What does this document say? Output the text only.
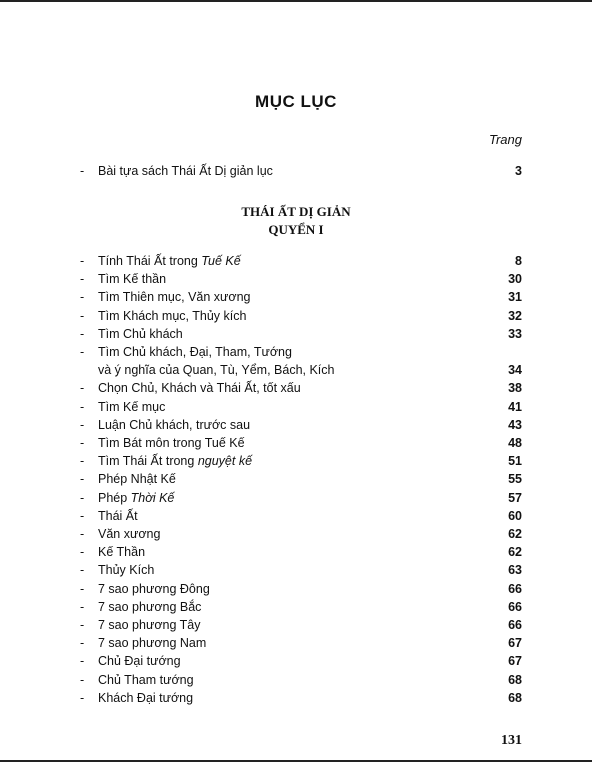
MỤC LỤC
Trang
- Bài tựa sách Thái Ất Dị giản lục	3
THÁI ẤT DỊ GIẢN
QUYỂN I
- Tính Thái Ất trong Tuế Kế	8
- Tìm Kế thần	30
- Tìm Thiên mục, Văn xương	31
- Tìm Khách mục, Thủy kích	32
- Tìm Chủ khách	33
- Tìm Chủ khách, Đại, Tham, Tướng
và ý nghĩa của Quan, Tù, Yểm, Bách, Kích	34
- Chọn Chủ, Khách và Thái Ất, tốt xấu	38
- Tìm Kế mục	41
- Luận Chủ khách, trước sau	43
- Tìm Bát môn trong Tuế Kế	48
- Tìm Thái Ất trong nguyệt kế	51
- Phép Nhật Kế	55
- Phép Thời Kế	57
- Thái Ất	60
- Văn xương	62
- Kế Thần	62
- Thủy Kích	63
- 7 sao phương Đông	66
- 7 sao phương Bắc	66
- 7 sao phương Tây	66
- 7 sao phương Nam	67
- Chủ Đại tướng	67
- Chủ Tham tướng	68
- Khách Đại tướng	68
131
